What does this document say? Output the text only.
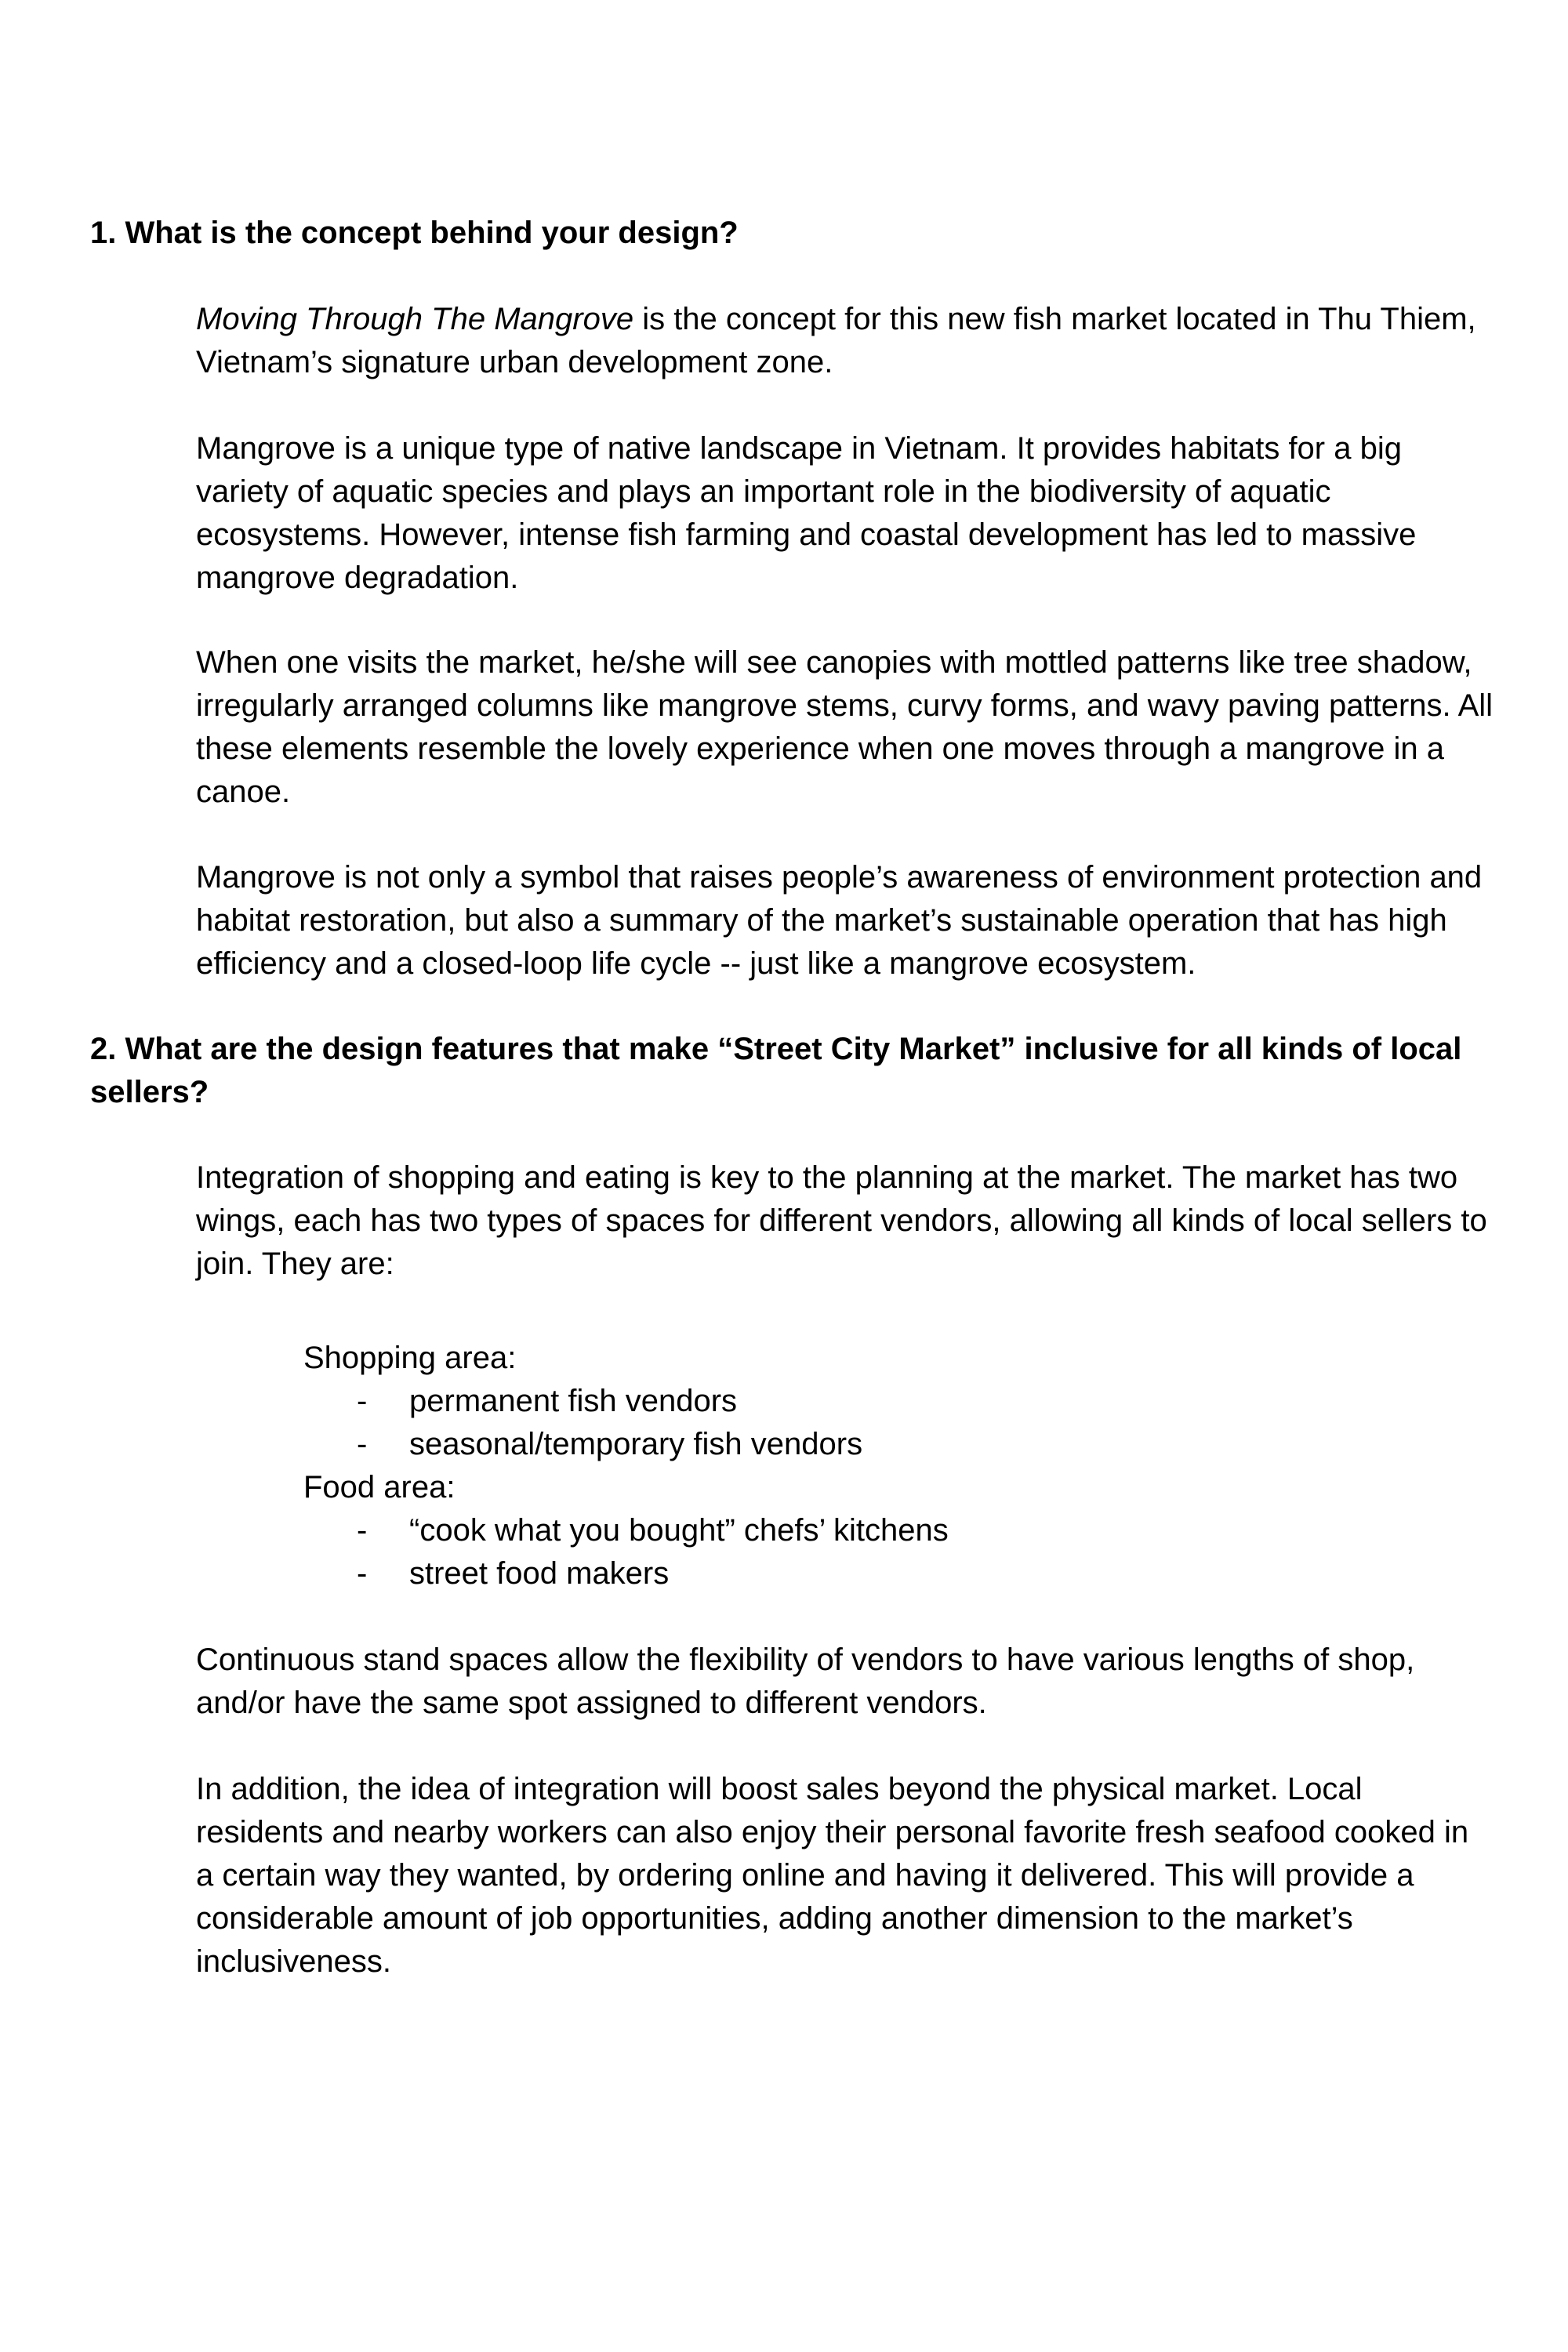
1. What is the concept behind your design?

Moving Through The Mangrove is the concept for this new fish market located in Thu Thiem, Vietnam’s signature urban development zone.

Mangrove is a unique type of native landscape in Vietnam. It provides habitats for a big variety of aquatic species and plays an important role in the biodiversity of aquatic ecosystems. However, intense fish farming and coastal development has led to massive mangrove degradation.

When one visits the market, he/she will see canopies with mottled patterns like tree shadow, irregularly arranged columns like mangrove stems, curvy forms, and wavy paving patterns. All these elements resemble the lovely experience when one moves through a mangrove in a canoe.

Mangrove is not only a symbol that raises people’s awareness of environment protection and habitat restoration, but also a summary of the market’s sustainable operation that has high efficiency and a closed-loop life cycle -- just like a mangrove ecosystem.

2. What are the design features that make “Street City Market” inclusive for all kinds of local sellers?

Integration of shopping and eating is key to the planning at the market. The market has two wings, each has two types of spaces for different vendors, allowing all kinds of local sellers to join. They are:

Shopping area:

- permanent fish vendors
- seasonal/temporary fish vendors

Food area:

- “cook what you bought” chefs’ kitchens
- street food makers

Continuous stand spaces allow the flexibility of vendors to have various lengths of shop, and/or have the same spot assigned to different vendors.

In addition, the idea of integration will boost sales beyond the physical market. Local residents and nearby workers can also enjoy their personal favorite fresh seafood cooked in a certain way they wanted, by ordering online and having it delivered. This will provide a considerable amount of job opportunities, adding another dimension to the market’s inclusiveness.
